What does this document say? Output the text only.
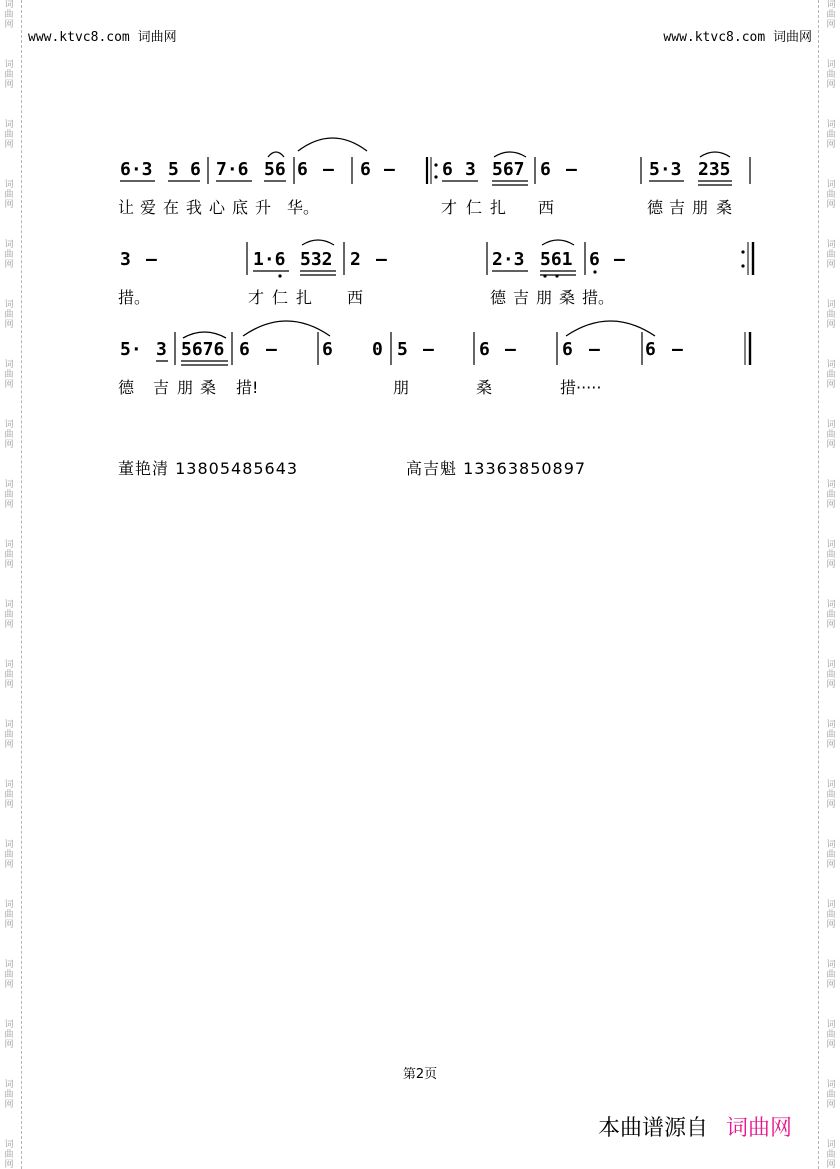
词
曲
网
词
曲
网
词
曲
网
词
曲
网
词
曲
网
词
曲
网
词
曲
网
词
曲
网
词
曲
网
词
曲
网
词
曲
网
词
曲
网
词
曲
网
词
曲
网
词
曲
网
词
曲
网
词
曲
网
词
曲
网
词
曲
网
词
曲
网
词
曲
网
词
曲
网
词
曲
网
词
曲
网
词
曲
网
词
曲
网
词
曲
网
词
曲
网
词
曲
网
词
曲
网
词
曲
网
词
曲
网
词
曲
网
词
曲
网
词
曲
网
词
曲
网
词
曲
网
词
曲
网
词
曲
网
词
曲
网
www.ktvc8.com 词曲网	www.ktvc8.com 词曲网
6·3 5 6 7·6 56 6 – 6 –	6 3 567 6 –	5·3 235
让 爱 在 我 心 底 升 华。	才 仁 扎 西	德 吉 朋 桑
3 –	1·6 532 2 –	2·3 561 6 –
措。	才 仁 扎 西	德 吉 朋 桑 措。
5· 3 5676 6 –	6 0 5 –	6 –	6 –	6 –
德 吉 朋 桑 措!	朋	桑	措·····
董艳清 13805485643	高吉魁 13363850897
第2页
本曲谱源自 词曲网
